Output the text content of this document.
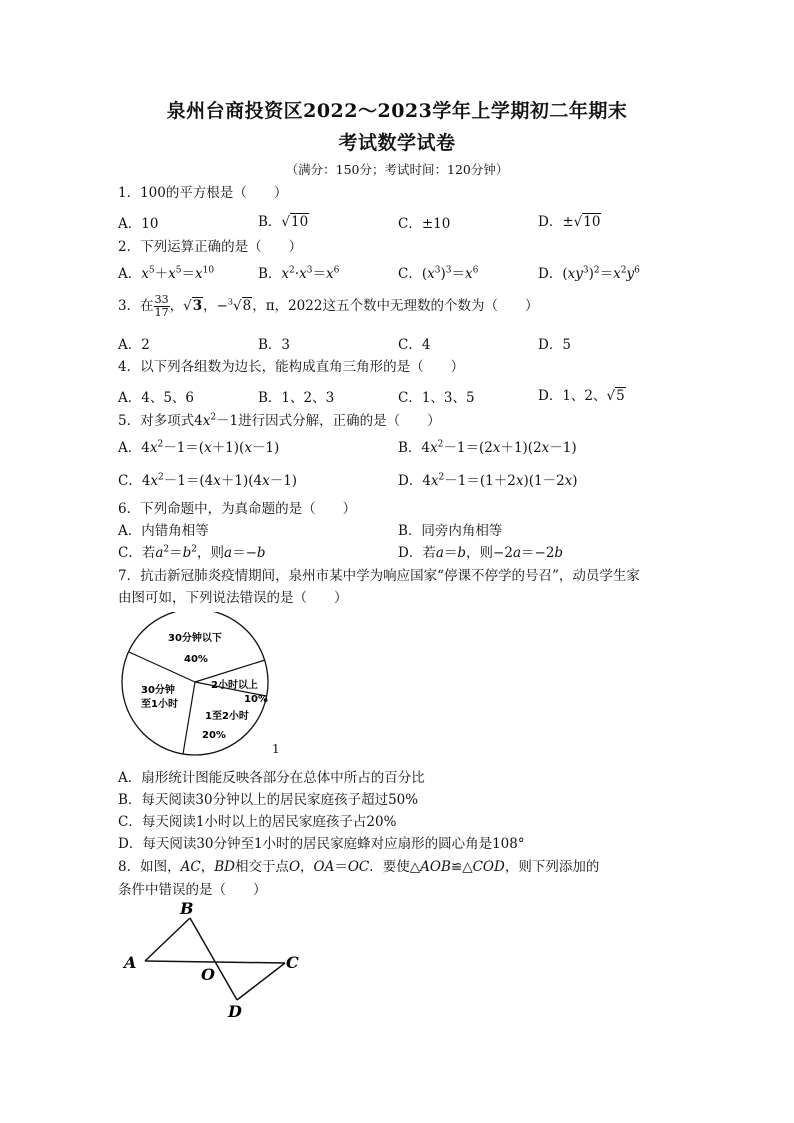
泉州台商投资区2022～2023学年上学期初二年期末
考试数学试卷
（满分：150分；考试时间：120分钟）
1．100的平方根是（　　）
A．10	B．√10	C．±10	D．±√10
2．下列运算正确的是（　　）
A．$x^5+x^5=x^{10}$	B．$x^2\cdot x^3=x^6$	C．$(x^3)^3=x^6$	D．$(xy^3)^2=x^2y^6$
3．在 $\frac{33}{17}$ ，√3，−$^3$√8，π，2022这五个数中无理数的个数为（　　）
A．2	B．3	C．4	D．5
4．以下列各组数为边长，能构成直角三角形的是（　　）
A．4、5、6	B．1、2、3	C．1、3、5	D．1、2、√5
5．对多项式$4x^2-1$进行因式分解，正确的是（　　）
A．$4x^2-1=(x+1)(x-1)$	B．$4x^2-1=(2x+1)(2x-1)$
C．$4x^2-1=(4x+1)(4x-1)$	D．$4x^2-1=(1+2x)(1-2x)$
6．下列命题中，为真命题的是（　　）
A．内错角相等	B．同旁内角相等
C．若$a^2=b^2$，则a＝−b	D．若a＝b，则−2a＝−2b
7．抗击新冠肺炎疫情期间，泉州市某中学为响应国家“停课不停学的号召”，动员学生家
由图可如，下列说法错误的是（　　）
30分钟以下
40%
2小时以上
10%
1至2小时
20%
30分钟
至1小时
1
A．扇形统计图能反映各部分在总体中所占的百分比
B．每天阅读30分钟以上的居民家庭孩子超过50%
C．每天阅读1小时以上的居民家庭孩子占20%
D．每天阅读30分钟至1小时的居民家庭蜂对应扇形的圆心角是108°
8．如图，AC，BD相交于点O，OA＝OC．要使△AOB≌△COD，则下列添加的
条件中错误的是（　　）
A
B
C
D
O
